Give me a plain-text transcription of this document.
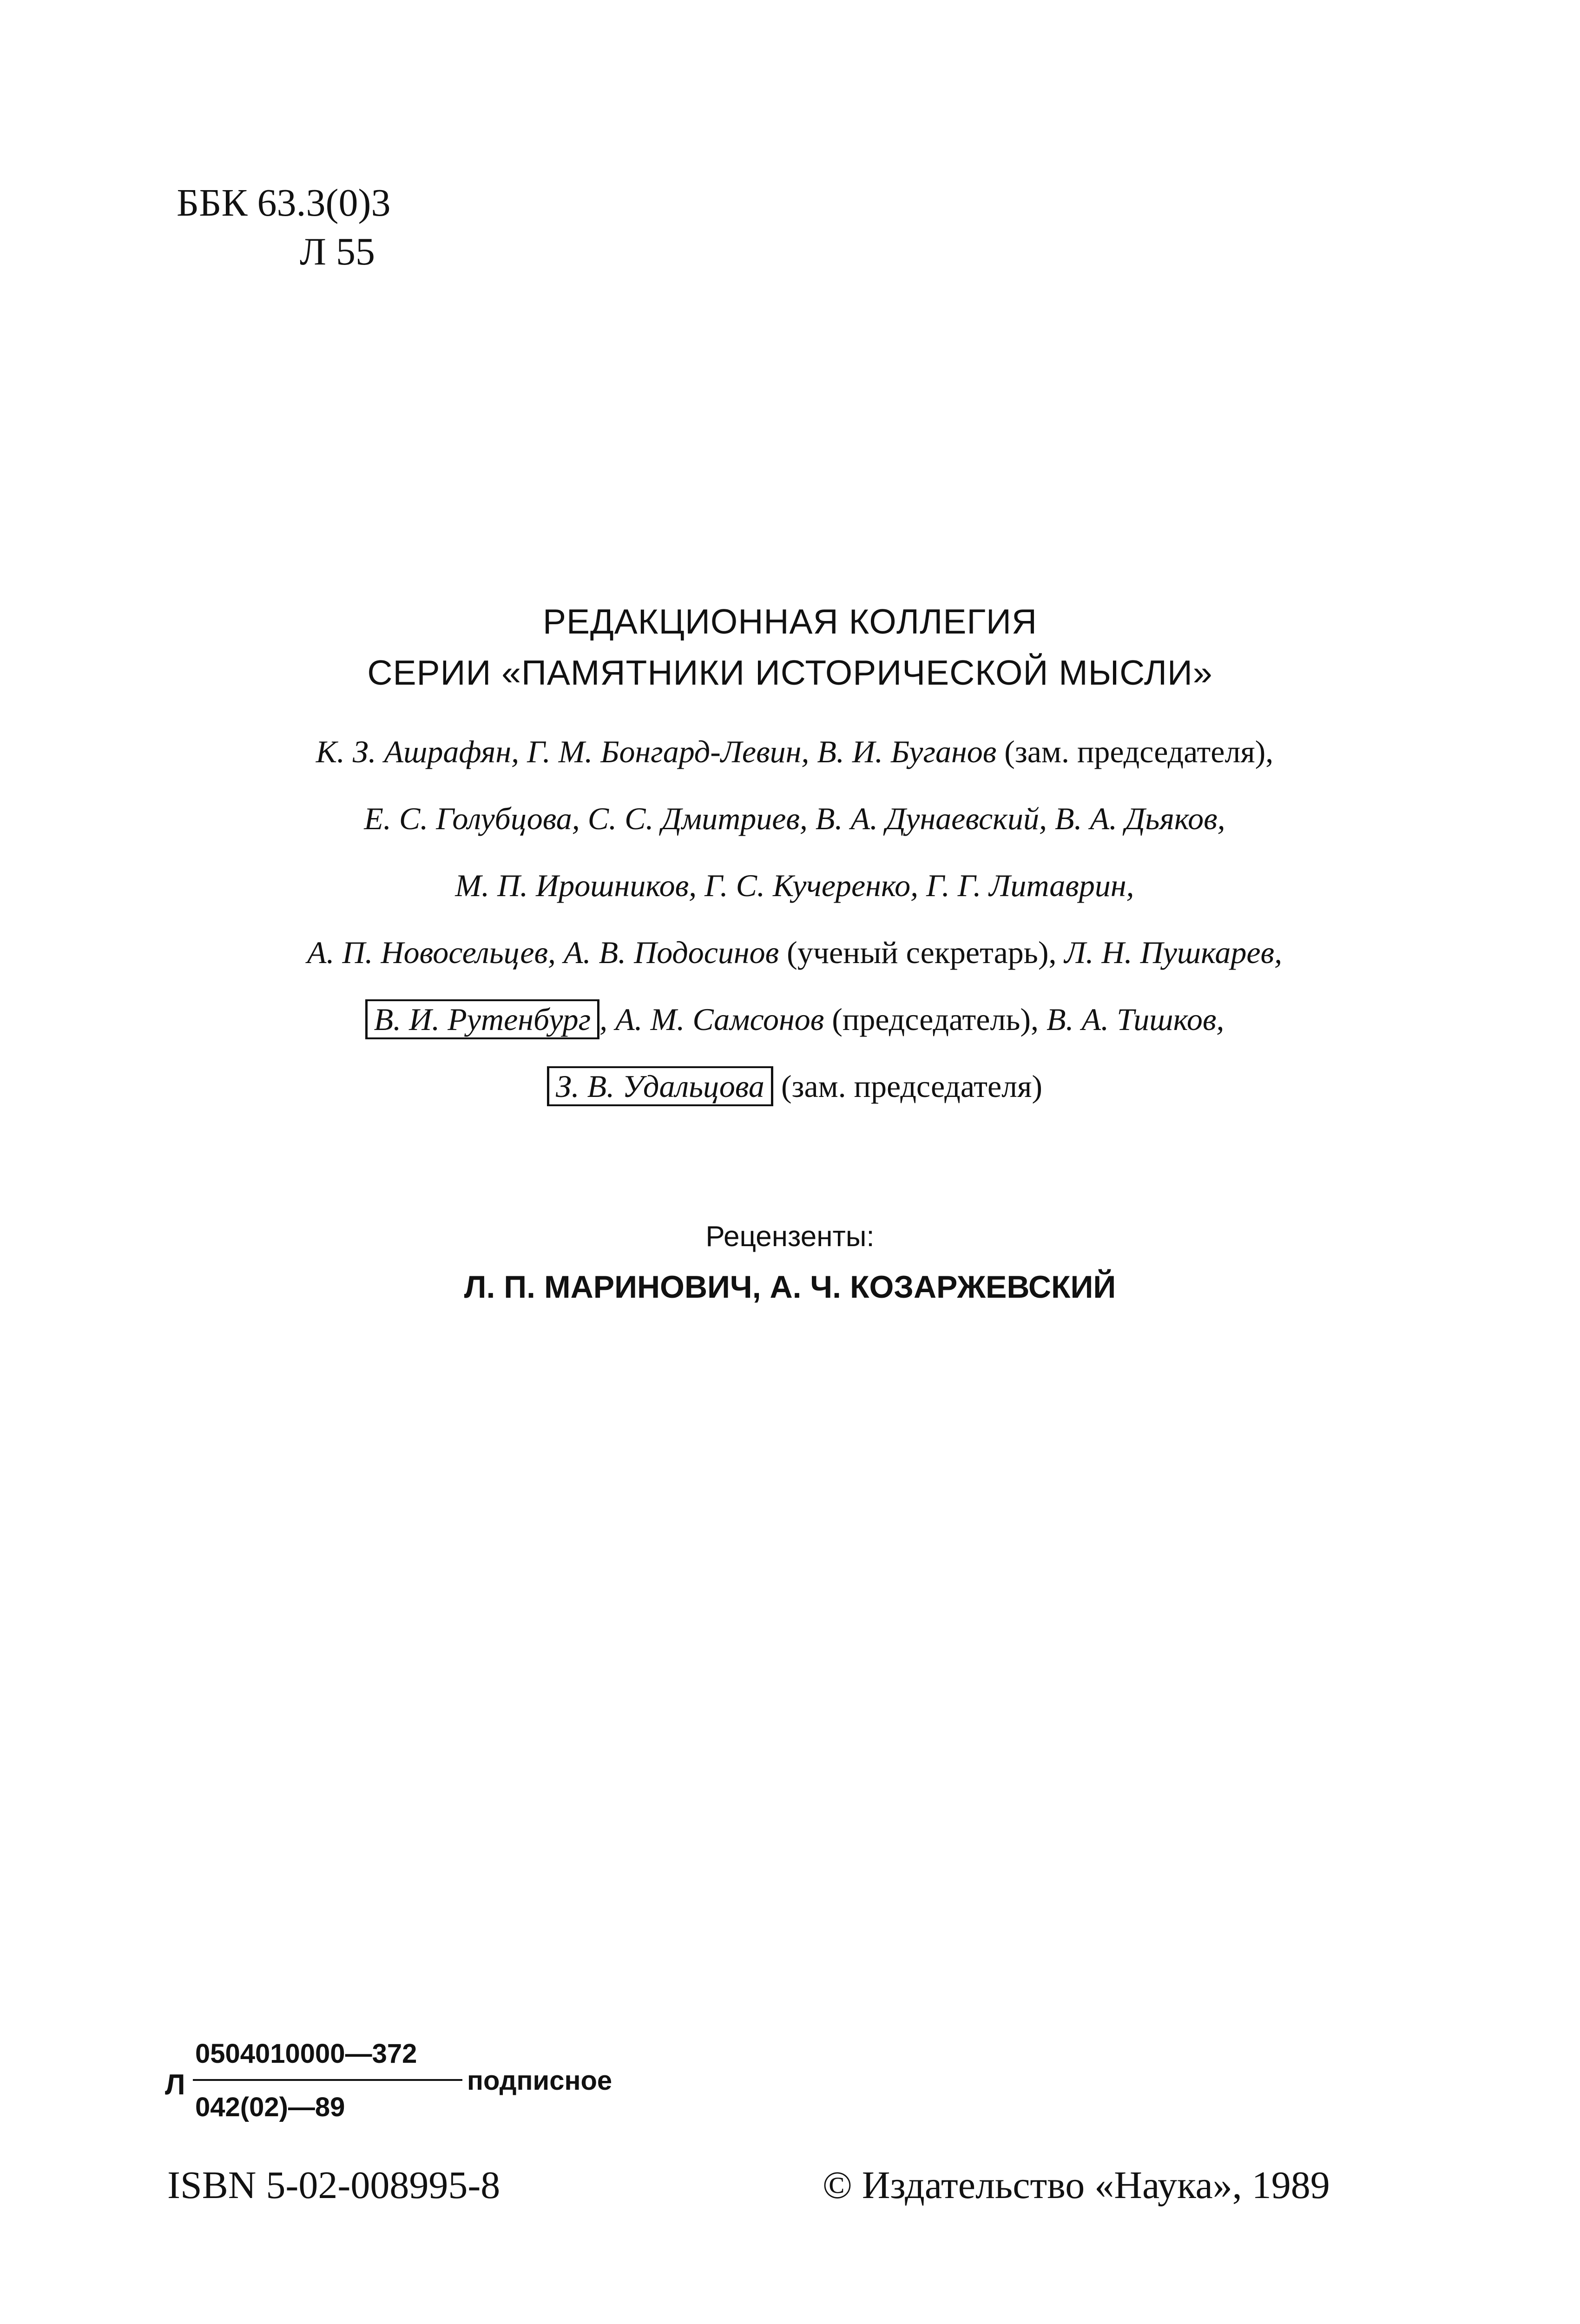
ББК 63.3(0)3
Л 55
РЕДАКЦИОННАЯ КОЛЛЕГИЯ
СЕРИИ «ПАМЯТНИКИ ИСТОРИЧЕСКОЙ МЫСЛИ»
К. З. Ашрафян, Г. М. Бонгард-Левин, В. И. Буганов (зам. председателя),
Е. С. Голубцова, С. С. Дмитриев, В. А. Дунаевский, В. А. Дьяков,
М. П. Ирошников, Г. С. Кучеренко, Г. Г. Литаврин,
А. П. Новосельцев, А. В. Подосинов (ученый секретарь), Л. Н. Пушкарев,
В. И. Рутенбург , А. М. Самсонов (председатель), В. А. Тишков,
З. В. Удальцова (зам. председателя)
Рецензенты:
Л. П. МАРИНОВИЧ, А. Ч. КОЗАРЖЕВСКИЙ
Л
0504010000—372
042(02)—89
подписное
ISBN 5-02-008995-8	© Издательство «Наука», 1989
